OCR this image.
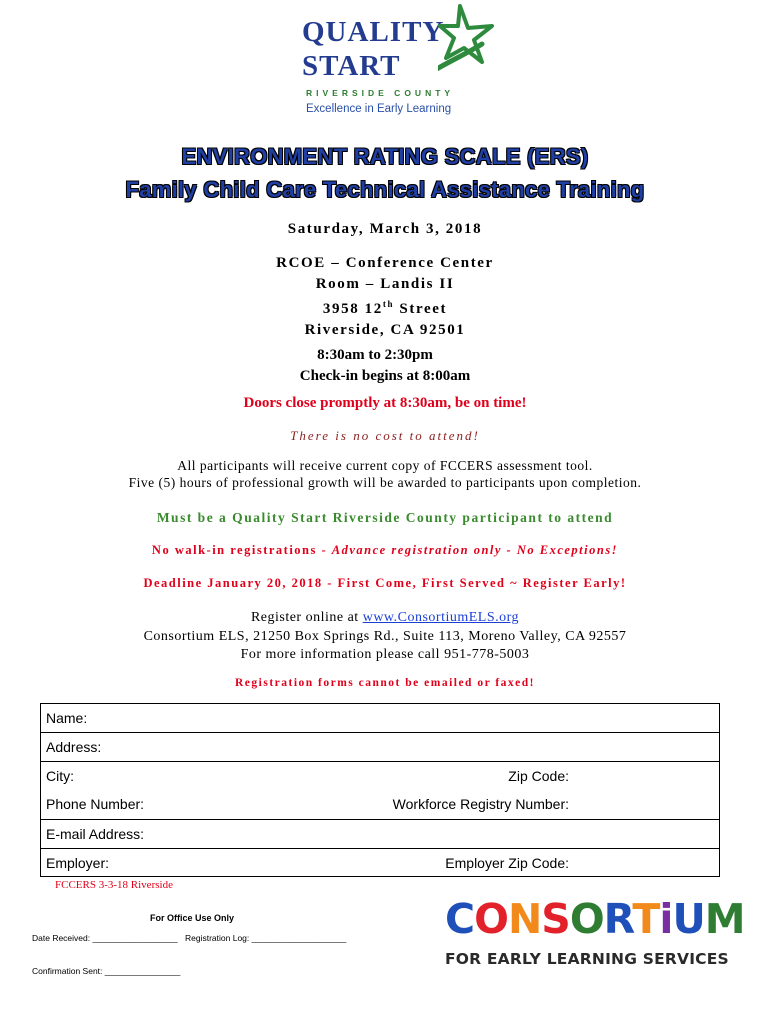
QUALITY
START
RIVERSIDE COUNTY
Excellence in Early Learning
ENVIRONMENT RATING SCALE (ERS)
Family Child Care Technical Assistance Training
Saturday, March 3, 2018
RCOE – Conference Center
Room – Landis II
3958 12th Street
Riverside, CA 92501
8:30am to 2:30pm
Check-in begins at 8:00am
Doors close promptly at 8:30am, be on time!
There is no cost to attend!
All participants will receive current copy of FCCERS assessment tool.
Five (5) hours of professional growth will be awarded to participants upon completion.
Must be a Quality Start Riverside County participant to attend
No walk-in registrations - Advance registration only - No Exceptions!
Deadline January 20, 2018 - First Come, First Served ~ Register Early!
Register online at www.ConsortiumELS.org
Consortium ELS, 21250 Box Springs Rd., Suite 113, Moreno Valley, CA 92557
For more information please call 951-778-5003
Registration forms cannot be emailed or faxed!
Name:
Address:
City:	Zip Code:
Phone Number:	Workforce Registry Number:
E-mail Address:
Employer:	Employer Zip Code:
FCCERS 3-3-18 Riverside
For Office Use Only
Date Received: __________________ Registration Log: ____________________
Confirmation Sent: ________________
CONSORTiUM
FOR EARLY LEARNING SERVICES
